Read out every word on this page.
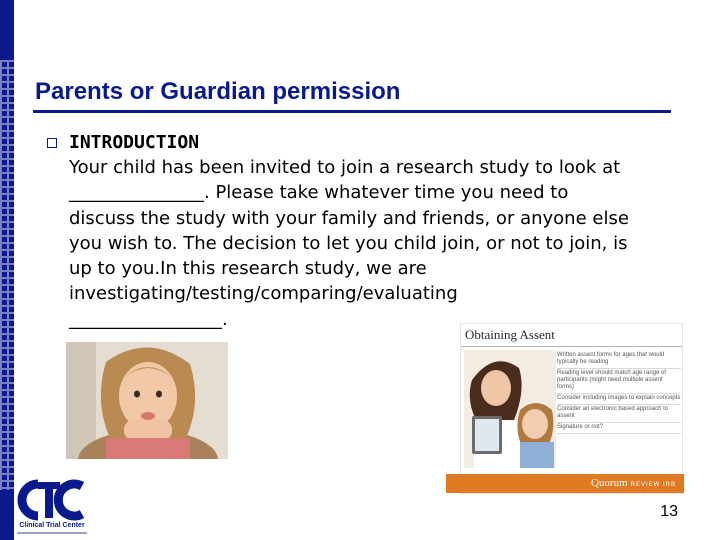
Parents or Guardian permission
INTRODUCTION
Your child has been invited to join a research study to look at
_______________. Please take whatever time you need to
discuss the study with your family and friends, or anyone else
you wish to. The decision to let you child join, or not to join, is
up to you.In this research study, we are
investigating/testing/comparing/evaluating
_________________.
Obtaining Assent
Written assent forms for ages that would typically be reading
Reading level should match age range of participants (might need multiple assent forms)
Consider including images to explain concepts
Consider an electronic based approach to assent
Signature or not?
Quorum REVIEW IRB
Clinical Trial Center
13
